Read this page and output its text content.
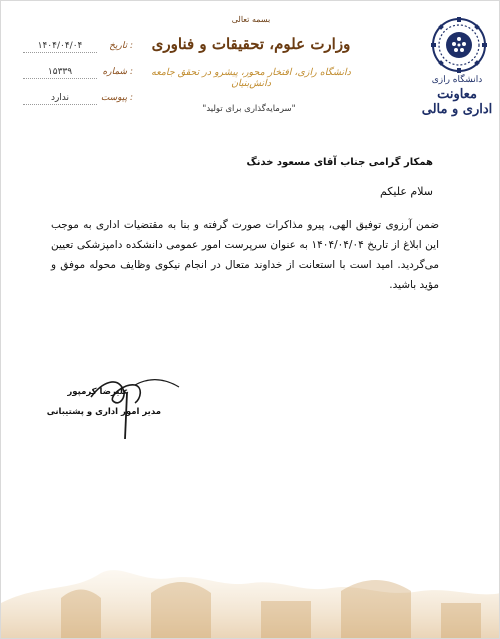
دانشگاه رازی
معاونت
اداری و مالی
بسمه تعالی
وزارت علوم، تحقیقات و فناوری
دانشگاه رازی، افتخار محور، پیشرو در تحقق جامعه دانش‌بنیان
"سرمایه‌گذاری برای تولید"
۱۴۰۴/۰۴/۰۴	تاریخ :
۱۵۳۳۹	شماره :
ندارد	پیوست :
همکار گرامی جناب آقای مسعود خدنگ
سلام علیکم
ضمن آرزوی توفیق الهی، پیرو مذاکرات صورت گرفته و بنا به مقتضیات اداری به موجب این ابلاغ از تاریخ ۱۴۰۴/۰۴/۰۴ به عنوان سرپرست امور عمومی دانشکده دامپزشکی تعیین می‌گردید. امید است با استعانت از خداوند متعال در انجام نیکوی وظایف محوله موفق و مؤید باشید.
علیرضا کرمپور
مدیر امور اداری و پشتیبانی
